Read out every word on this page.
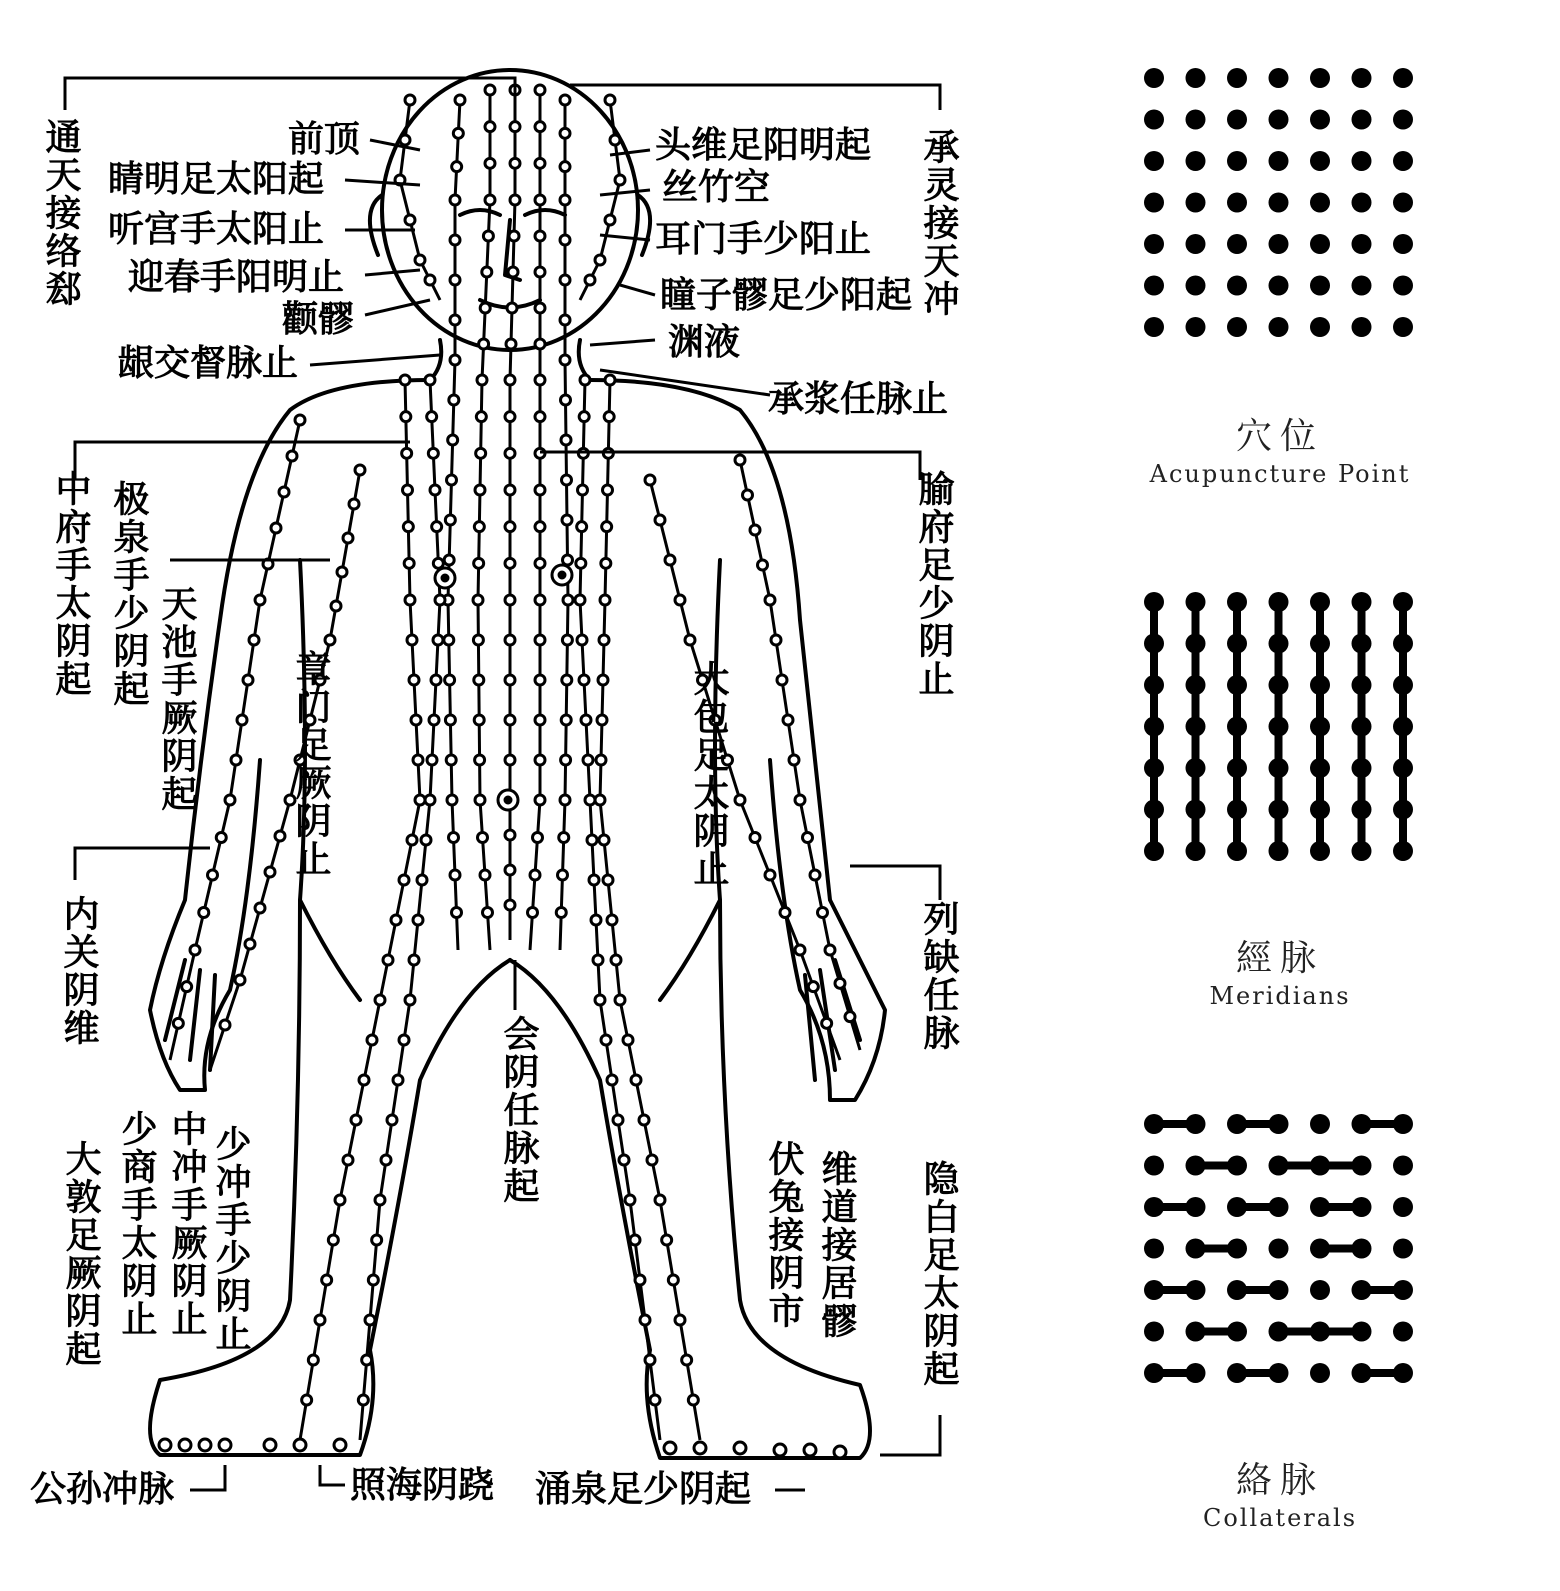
前顶
睛明足太阳起
听宫手太阳止
迎春手阳明止
颧髎
龈交督脉止
头维足阳明起
丝竹空
耳门手少阳止
瞳子髎足少阳起
渊液
承浆任脉止
通天接络郄	承灵接天冲
中府手太阴起 极泉手少阴起 天池手厥阴起	章门足厥阴止
腧府足少阴止
大包足太阴止
内关阴维	列缺任脉
会阴任脉起
少商手太阴止 中冲手厥阴止 少冲手少阴止
大敦足厥阴起	伏兔接阴市 维道接居髎 隐白足太阴起
公孙冲脉	照海阴跷 涌泉足少阴起
穴位
Acupuncture Point
經脉
Meridians
絡脉
Collaterals
